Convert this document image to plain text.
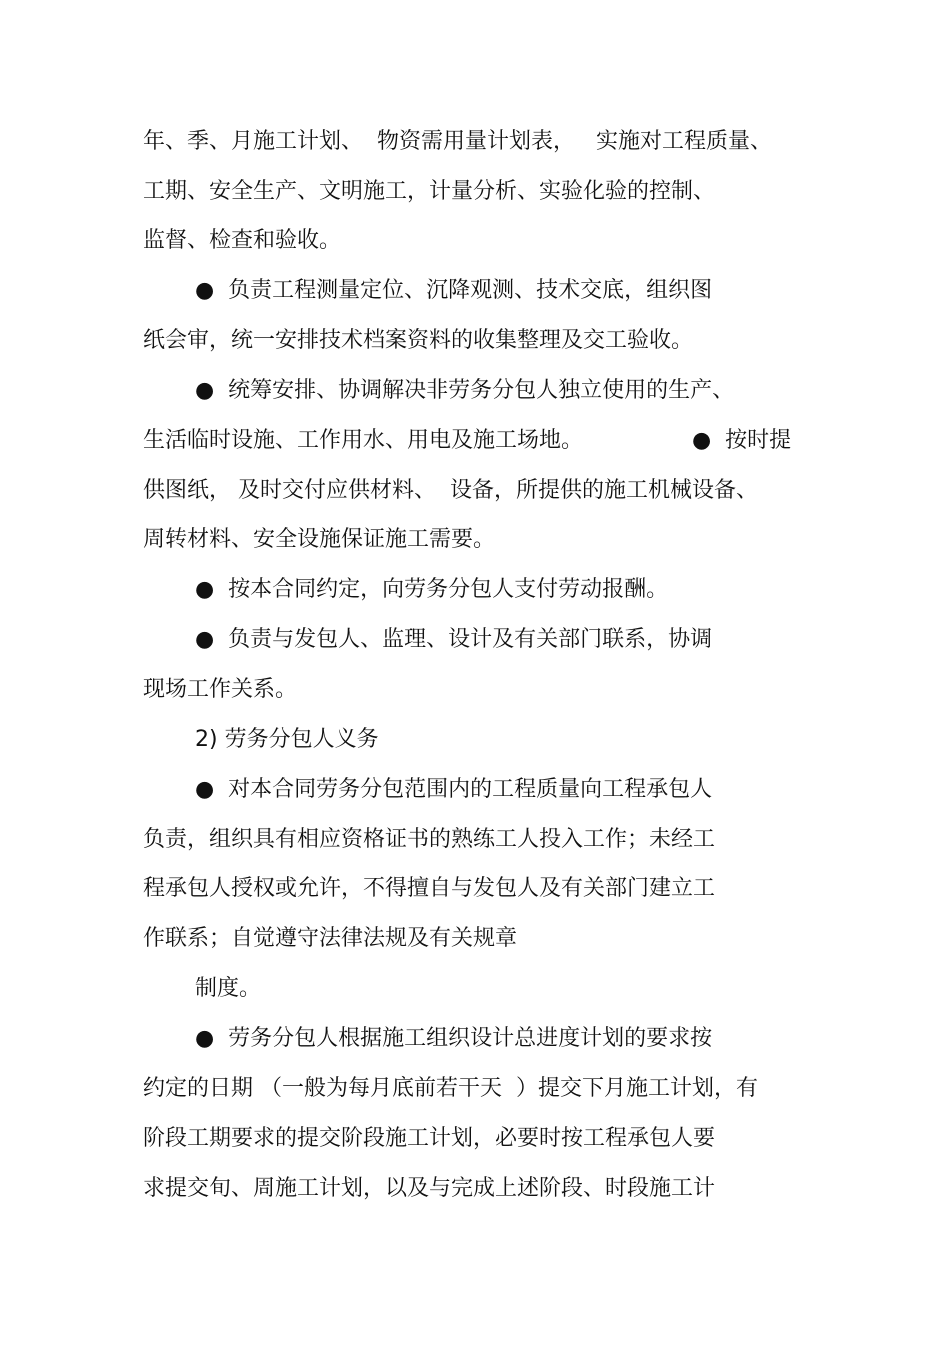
年、季、月施工计划、  物资需用量计划表，   实施对工程质量、
工期、安全生产、文明施工，计量分析、实验化验的控制、
监督、检查和验收。
●  负责工程测量定位、沉降观测、技术交底，组织图
纸会审，统一安排技术档案资料的收集整理及交工验收。
●  统筹安排、协调解决非劳务分包人独立使用的生产、
生活临时设施、工作用水、用电及施工场地。	●  按时提
供图纸， 及时交付应供材料、  设备，所提供的施工机械设备、
周转材料、安全设施保证施工需要。
●  按本合同约定，向劳务分包人支付劳动报酬。
●  负责与发包人、监理、设计及有关部门联系，协调
现场工作关系。
2) 劳务分包人义务
●  对本合同劳务分包范围内的工程质量向工程承包人
负责，组织具有相应资格证书的熟练工人投入工作；未经工
程承包人授权或允许，不得擅自与发包人及有关部门建立工
作联系；自觉遵守法律法规及有关规章
制度。
●  劳务分包人根据施工组织设计总进度计划的要求按
约定的日期 （一般为每月底前若干天  ）提交下月施工计划，有
阶段工期要求的提交阶段施工计划，必要时按工程承包人要
求提交旬、周施工计划，以及与完成上述阶段、时段施工计
